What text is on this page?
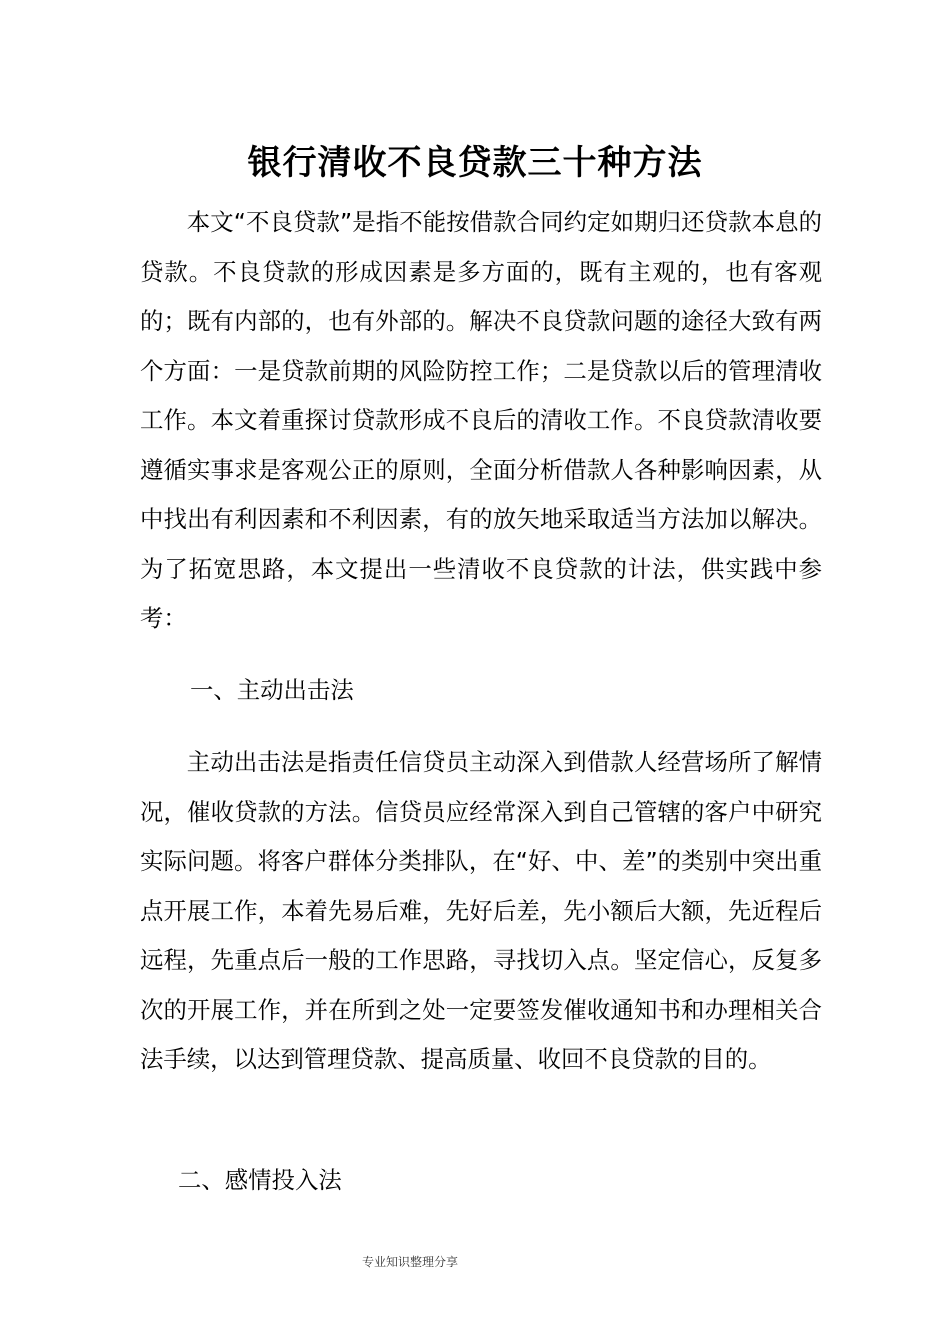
银行清收不良贷款三十种方法

本文“不良贷款”是指不能按借款合同约定如期归还贷款本息的贷款。不良贷款的形成因素是多方面的，既有主观的，也有客观的；既有内部的，也有外部的。解决不良贷款问题的途径大致有两个方面：一是贷款前期的风险防控工作；二是贷款以后的管理清收工作。本文着重探讨贷款形成不良后的清收工作。不良贷款清收要遵循实事求是客观公正的原则，全面分析借款人各种影响因素，从中找出有利因素和不利因素，有的放矢地采取适当方法加以解决。为了拓宽思路，本文提出一些清收不良贷款的计法，供实践中参考：

一、主动出击法

主动出击法是指责任信贷员主动深入到借款人经营场所了解情况，催收贷款的方法。信贷员应经常深入到自己管辖的客户中研究实际问题。将客户群体分类排队，在“好、中、差”的类别中突出重点开展工作，本着先易后难，先好后差，先小额后大额，先近程后远程，先重点后一般的工作思路，寻找切入点。坚定信心，反复多次的开展工作，并在所到之处一定要签发催收通知书和办理相关合法手续，以达到管理贷款、提高质量、收回不良贷款的目的。

二、感情投入法

专业知识整理分享
